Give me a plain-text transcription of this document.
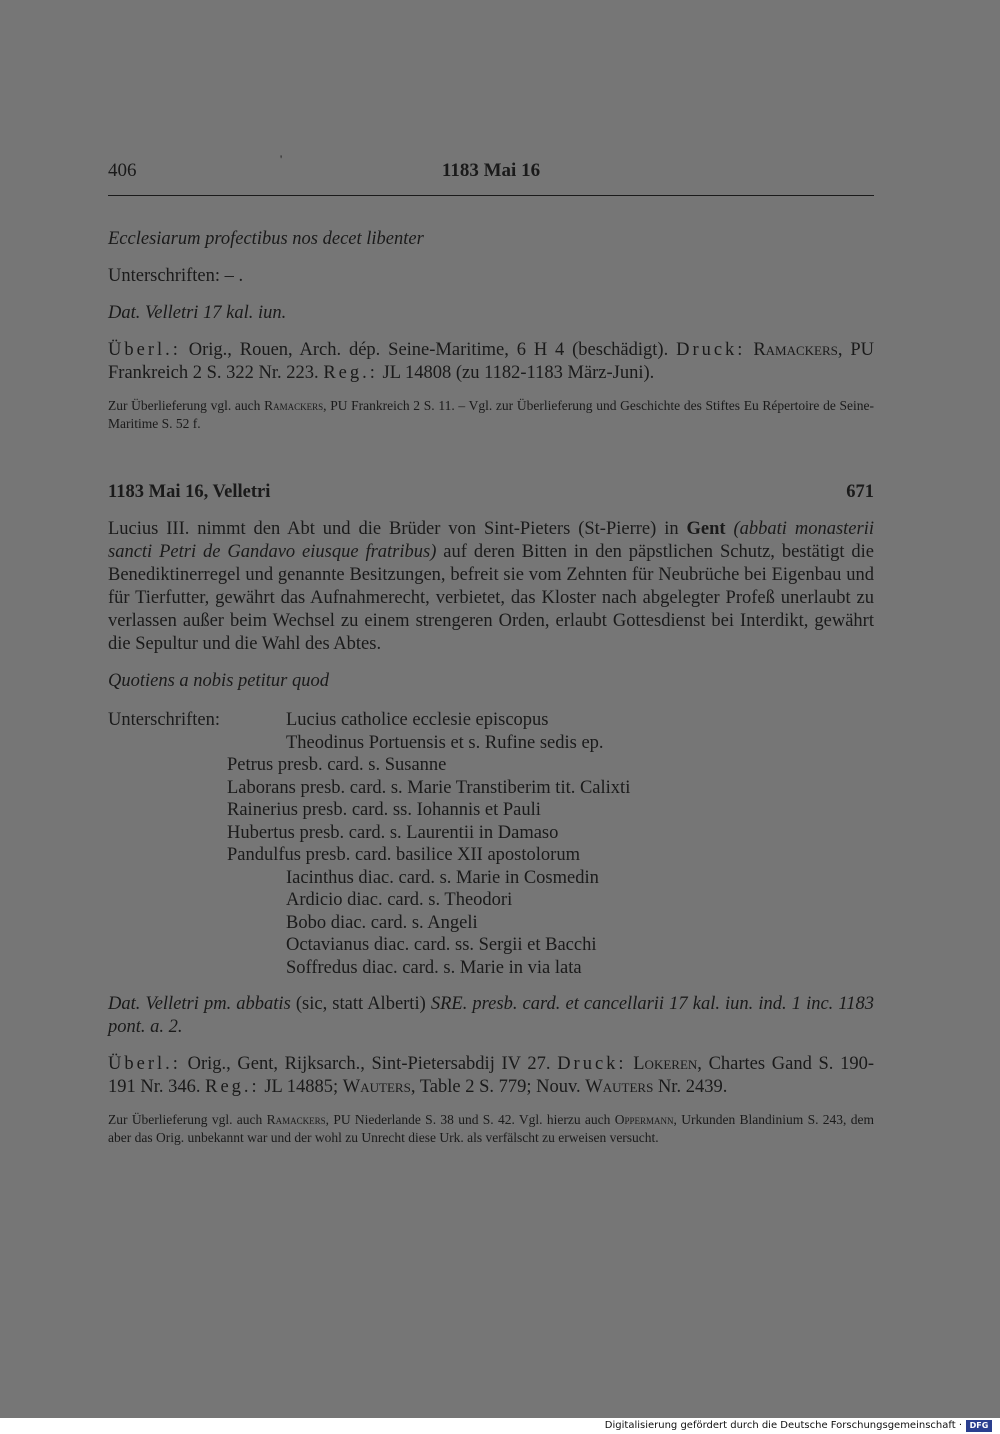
'
406	1183 Mai 16

Ecclesiarum profectibus nos decet libenter

Unterschriften: – .

Dat. Velletri 17 kal. iun.

Überl.: Orig., Rouen, Arch. dép. Seine-Maritime, 6 H 4 (beschädigt). Druck: Ramackers, PU Frankreich 2 S. 322 Nr. 223. Reg.: JL 14808 (zu 1182-1183 März-Juni).

Zur Überlieferung vgl. auch Ramackers, PU Frankreich 2 S. 11. – Vgl. zur Überlieferung und Geschichte des Stiftes Eu Répertoire de Seine-Maritime S. 52 f.

1183 Mai 16, Velletri	671

Lucius III. nimmt den Abt und die Brüder von Sint-Pieters (St-Pierre) in Gent (abbati monasterii sancti Petri de Gandavo eiusque fratribus) auf deren Bitten in den päpstlichen Schutz, bestätigt die Benediktinerregel und genannte Besitzungen, befreit sie vom Zehnten für Neubrüche bei Eigenbau und für Tierfutter, gewährt das Aufnahmerecht, verbietet, das Kloster nach abgelegter Profeß unerlaubt zu verlassen außer beim Wechsel zu einem strengeren Orden, erlaubt Gottesdienst bei Interdikt, gewährt die Sepultur und die Wahl des Abtes.

Quotiens a nobis petitur quod

Unterschriften:	Lucius catholice ecclesie episcopus
Theodinus Portuensis et s. Rufine sedis ep.
Petrus presb. card. s. Susanne
Laborans presb. card. s. Marie Transtiberim tit. Calixti
Rainerius presb. card. ss. Iohannis et Pauli
Hubertus presb. card. s. Laurentii in Damaso
Pandulfus presb. card. basilice XII apostolorum
Iacinthus diac. card. s. Marie in Cosmedin
Ardicio diac. card. s. Theodori
Bobo diac. card. s. Angeli
Octavianus diac. card. ss. Sergii et Bacchi
Soffredus diac. card. s. Marie in via lata

Dat. Velletri pm. abbatis (sic, statt Alberti) SRE. presb. card. et cancellarii 17 kal. iun. ind. 1 inc. 1183 pont. a. 2.

Überl.: Orig., Gent, Rijksarch., Sint-Pietersabdij IV 27. Druck: Lokeren, Chartes Gand S. 190-191 Nr. 346. Reg.: JL 14885; Wauters, Table 2 S. 779; Nouv. Wauters Nr. 2439.

Zur Überlieferung vgl. auch Ramackers, PU Niederlande S. 38 und S. 42. Vgl. hierzu auch Oppermann, Urkunden Blandinium S. 243, dem aber das Orig. unbekannt war und der wohl zu Unrecht diese Urk. als verfälscht zu erweisen versucht.

Digitalisierung gefördert durch die Deutsche Forschungsgemeinschaft · DFG
